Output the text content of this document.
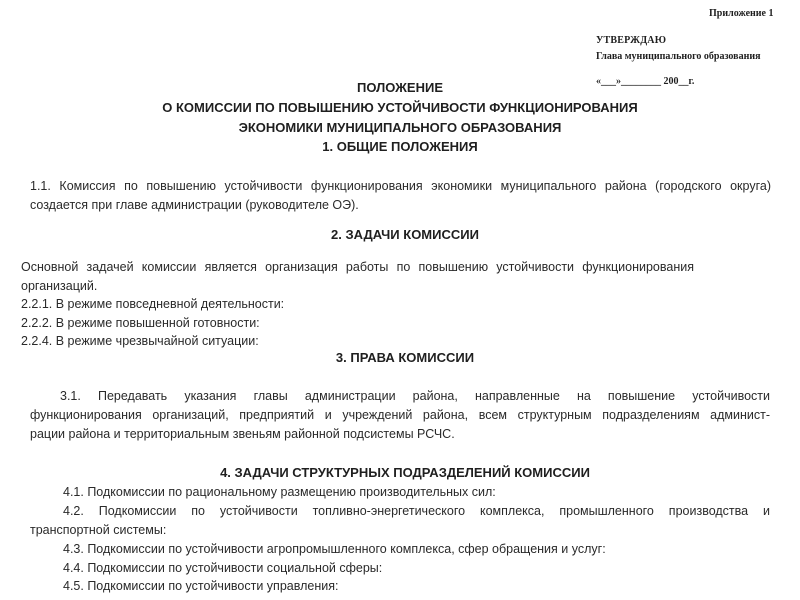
Приложение 1
УТВЕРЖДАЮ
Глава муниципального образования
«___»________ 200__г.
ПОЛОЖЕНИЕ
О КОМИССИИ ПО ПОВЫШЕНИЮ УСТОЙЧИВОСТИ ФУНКЦИОНИРОВАНИЯ
ЭКОНОМИКИ МУНИЦИПАЛЬНОГО ОБРАЗОВАНИЯ
1. ОБЩИЕ ПОЛОЖЕНИЯ
1.1. Комиссия по повышению устойчивости функционирования экономики муниципального района (городского округа)
создается при главе администрации (руководителе ОЭ).
2. ЗАДАЧИ КОМИССИИ
Основной задачей комиссии является организация работы по повышению устойчивости функционирования
организаций.
2.2.1. В режиме повседневной деятельности:
2.2.2. В режиме повышенной готовности:
2.2.4. В режиме чрезвычайной ситуации:
3. ПРАВА КОМИССИИ
3.1. Передавать указания главы администрации района, направленные на повышение устойчивости
функционирования организаций, предприятий и учреждений района, всем структурным подразделениям админист-
рации района и территориальным звеньям районной подсистемы РСЧС.
4. ЗАДАЧИ СТРУКТУРНЫХ ПОДРАЗДЕЛЕНИЙ КОМИССИИ
4.1. Подкомиссии по рациональному размещению производительных сил:
4.2. Подкомиссии по устойчивости топливно-энергетического комплекса, промышленного производства и
транспортной системы:
4.3. Подкомиссии по устойчивости агропромышленного комплекса, сфер обращения и услуг:
4.4. Подкомиссии по устойчивости социальной сферы:
4.5. Подкомиссии по устойчивости управления:
